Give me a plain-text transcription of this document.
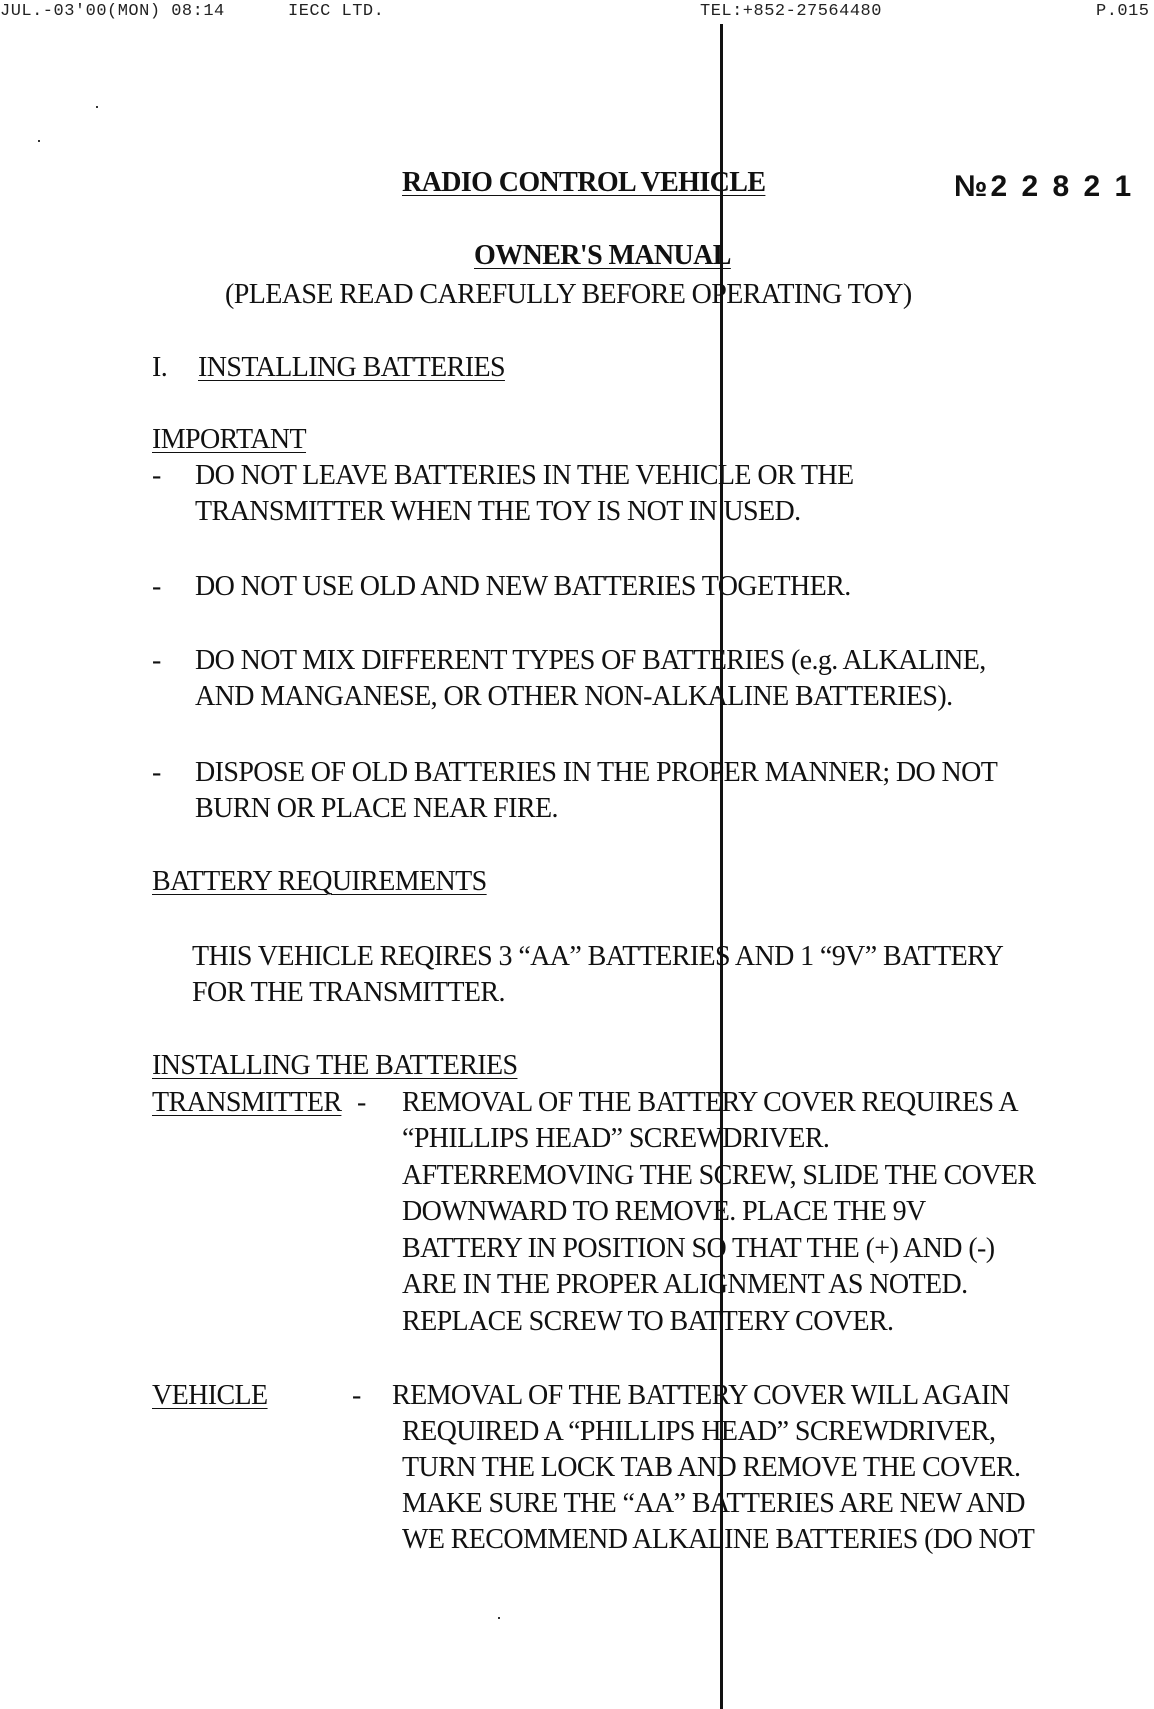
JUL.-03'00(MON) 08:14	IECC LTD.	TEL:+852-27564480	P.015
RADIO CONTROL VEHICLE	№2 2 8 2 1
OWNER'S MANUAL
(PLEASE READ CAREFULLY BEFORE OPERATING TOY)
I. INSTALLING BATTERIES
IMPORTANT
- DO NOT LEAVE BATTERIES IN THE VEHICLE OR THE
TRANSMITTER WHEN THE TOY IS NOT IN USED.
- DO NOT USE OLD AND NEW BATTERIES TOGETHER.
- DO NOT MIX DIFFERENT TYPES OF BATTERIES (e.g. ALKALINE,
AND MANGANESE, OR OTHER NON-ALKALINE BATTERIES).
- DISPOSE OF OLD BATTERIES IN THE PROPER MANNER; DO NOT
BURN OR PLACE NEAR FIRE.
BATTERY REQUIREMENTS
THIS VEHICLE REQIRES 3 “AA” BATTERIES AND 1 “9V” BATTERY
FOR THE TRANSMITTER.
INSTALLING THE BATTERIES
TRANSMITTER - REMOVAL OF THE BATTERY COVER REQUIRES A
“PHILLIPS HEAD” SCREWDRIVER.
AFTERREMOVING THE SCREW, SLIDE THE COVER
DOWNWARD TO REMOVE. PLACE THE 9V
BATTERY IN POSITION SO THAT THE (+) AND (-)
ARE IN THE PROPER ALIGNMENT AS NOTED.
REPLACE SCREW TO BATTERY COVER.
VEHICLE	- REMOVAL OF THE BATTERY COVER WILL AGAIN
REQUIRED A “PHILLIPS HEAD” SCREWDRIVER,
TURN THE LOCK TAB AND REMOVE THE COVER.
MAKE SURE THE “AA” BATTERIES ARE NEW AND
WE RECOMMEND ALKALINE BATTERIES (DO NOT
